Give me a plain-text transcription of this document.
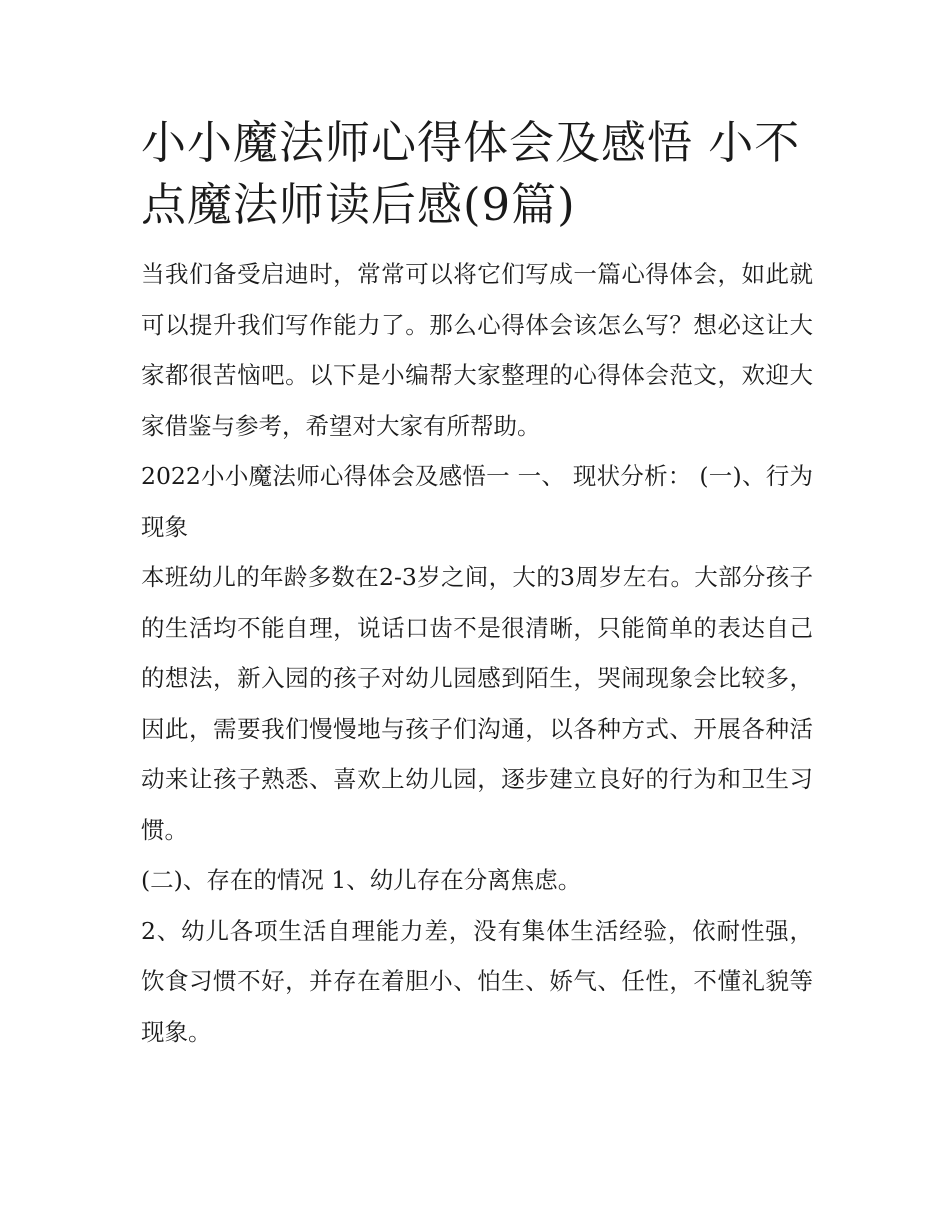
小小魔法师心得体会及感悟 小不点魔法师读后感(9篇)

当我们备受启迪时，常常可以将它们写成一篇心得体会，如此就可以提升我们写作能力了。那么心得体会该怎么写？想必这让大家都很苦恼吧。以下是小编帮大家整理的心得体会范文，欢迎大家借鉴与参考，希望对大家有所帮助。

2022小小魔法师心得体会及感悟一 一、 现状分析： (一)、行为现象

本班幼儿的年龄多数在2-3岁之间，大的3周岁左右。大部分孩子的生活均不能自理，说话口齿不是很清晰，只能简单的表达自己的想法，新入园的孩子对幼儿园感到陌生，哭闹现象会比较多，因此，需要我们慢慢地与孩子们沟通，以各种方式、开展各种活动来让孩子熟悉、喜欢上幼儿园，逐步建立良好的行为和卫生习惯。

(二)、存在的情况 1、幼儿存在分离焦虑。

2、幼儿各项生活自理能力差，没有集体生活经验，依耐性强，饮食习惯不好，并存在着胆小、怕生、娇气、任性，不懂礼貌等现象。
